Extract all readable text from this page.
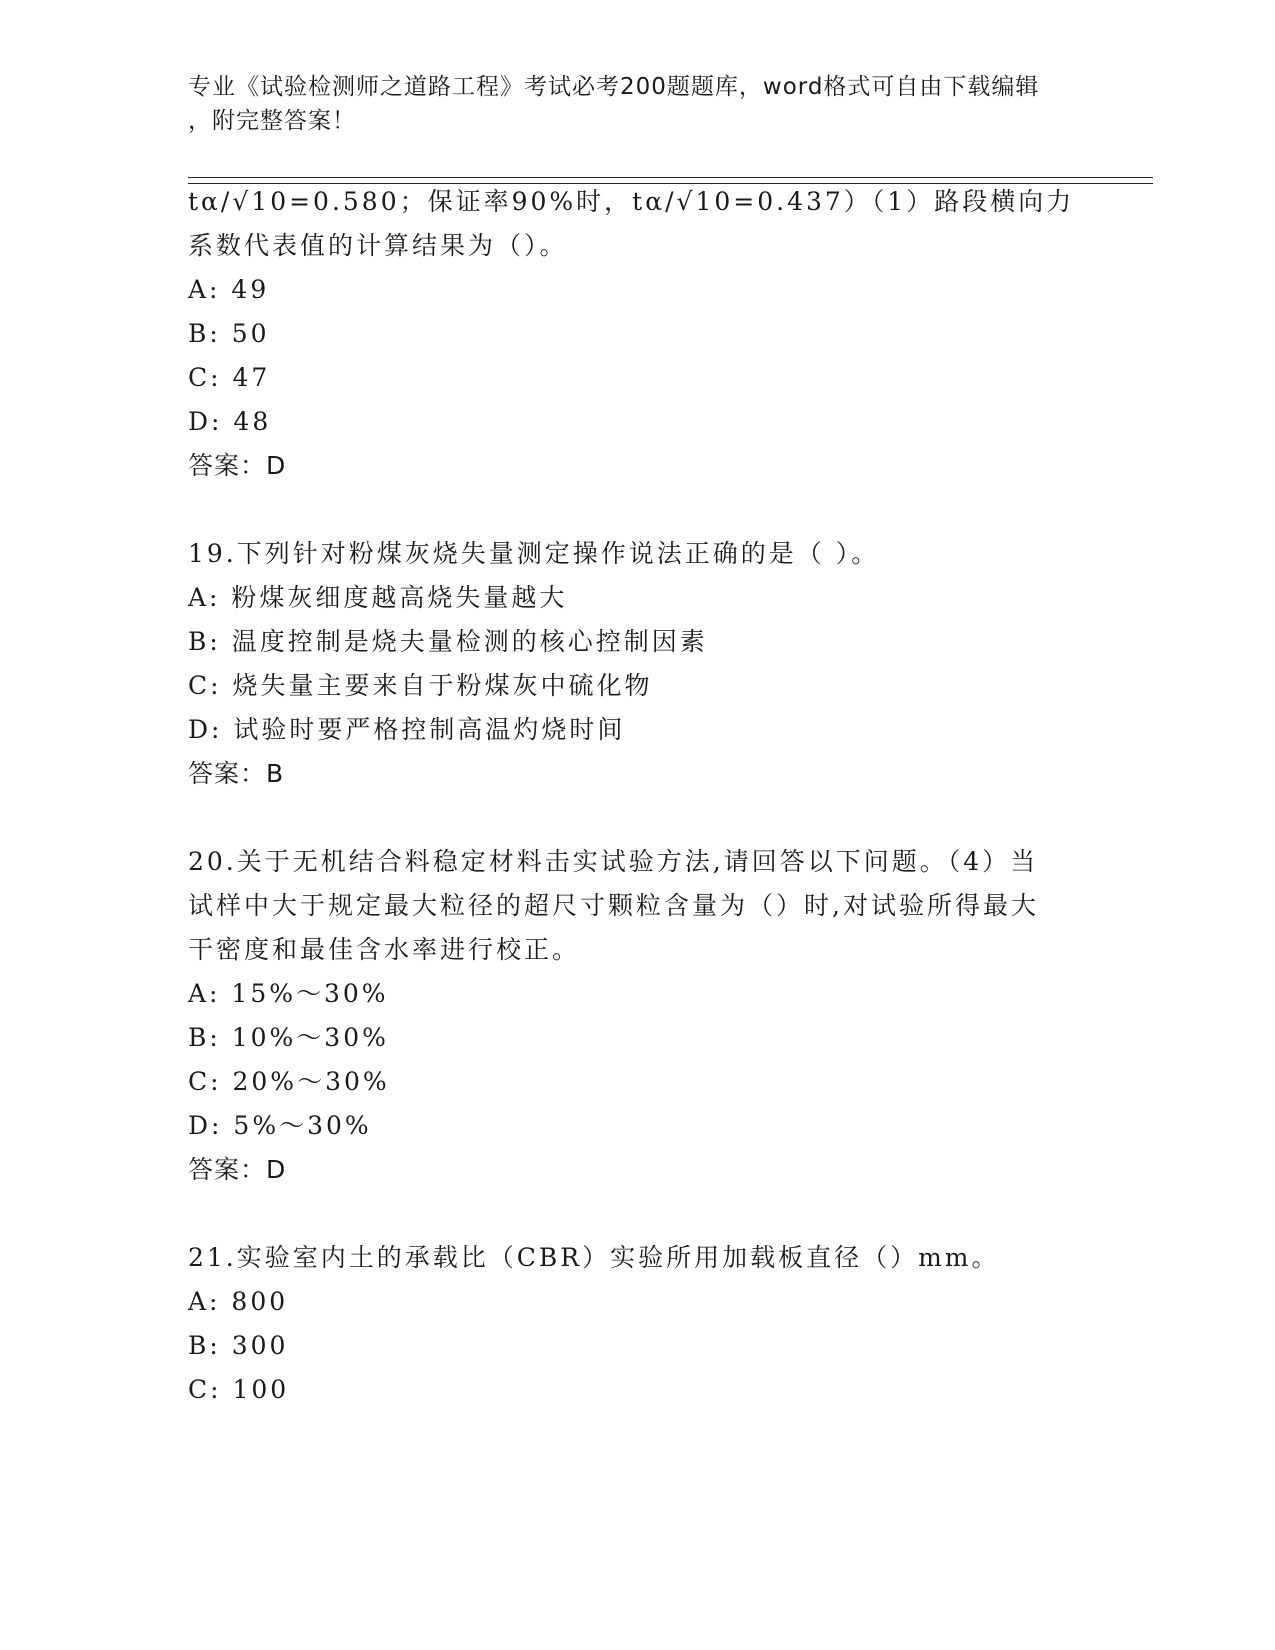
专业《试验检测师之道路工程》考试必考200题题库，word格式可自由下载编辑
，附完整答案！
tα/√10=0.580；保证率90%时，tα/√10=0.437）（1）路段横向力
系数代表值的计算结果为（）。
A: 49
B: 50
C: 47
D: 48
答案：D
19.下列针对粉煤灰烧失量测定操作说法正确的是（ ）。
A: 粉煤灰细度越高烧失量越大
B: 温度控制是烧夫量检测的核心控制因素
C: 烧失量主要来自于粉煤灰中硫化物
D: 试验时要严格控制高温灼烧时间
答案：B
20.关于无机结合料稳定材料击实试验方法,请回答以下问题。（4）当
试样中大于规定最大粒径的超尺寸颗粒含量为（）时,对试验所得最大
干密度和最佳含水率进行校正。
A: 15%～30%
B: 10%～30%
C: 20%～30%
D: 5%～30%
答案：D
21.实验室内土的承载比（CBR）实验所用加载板直径（）mm。
A: 800
B: 300
C: 100
